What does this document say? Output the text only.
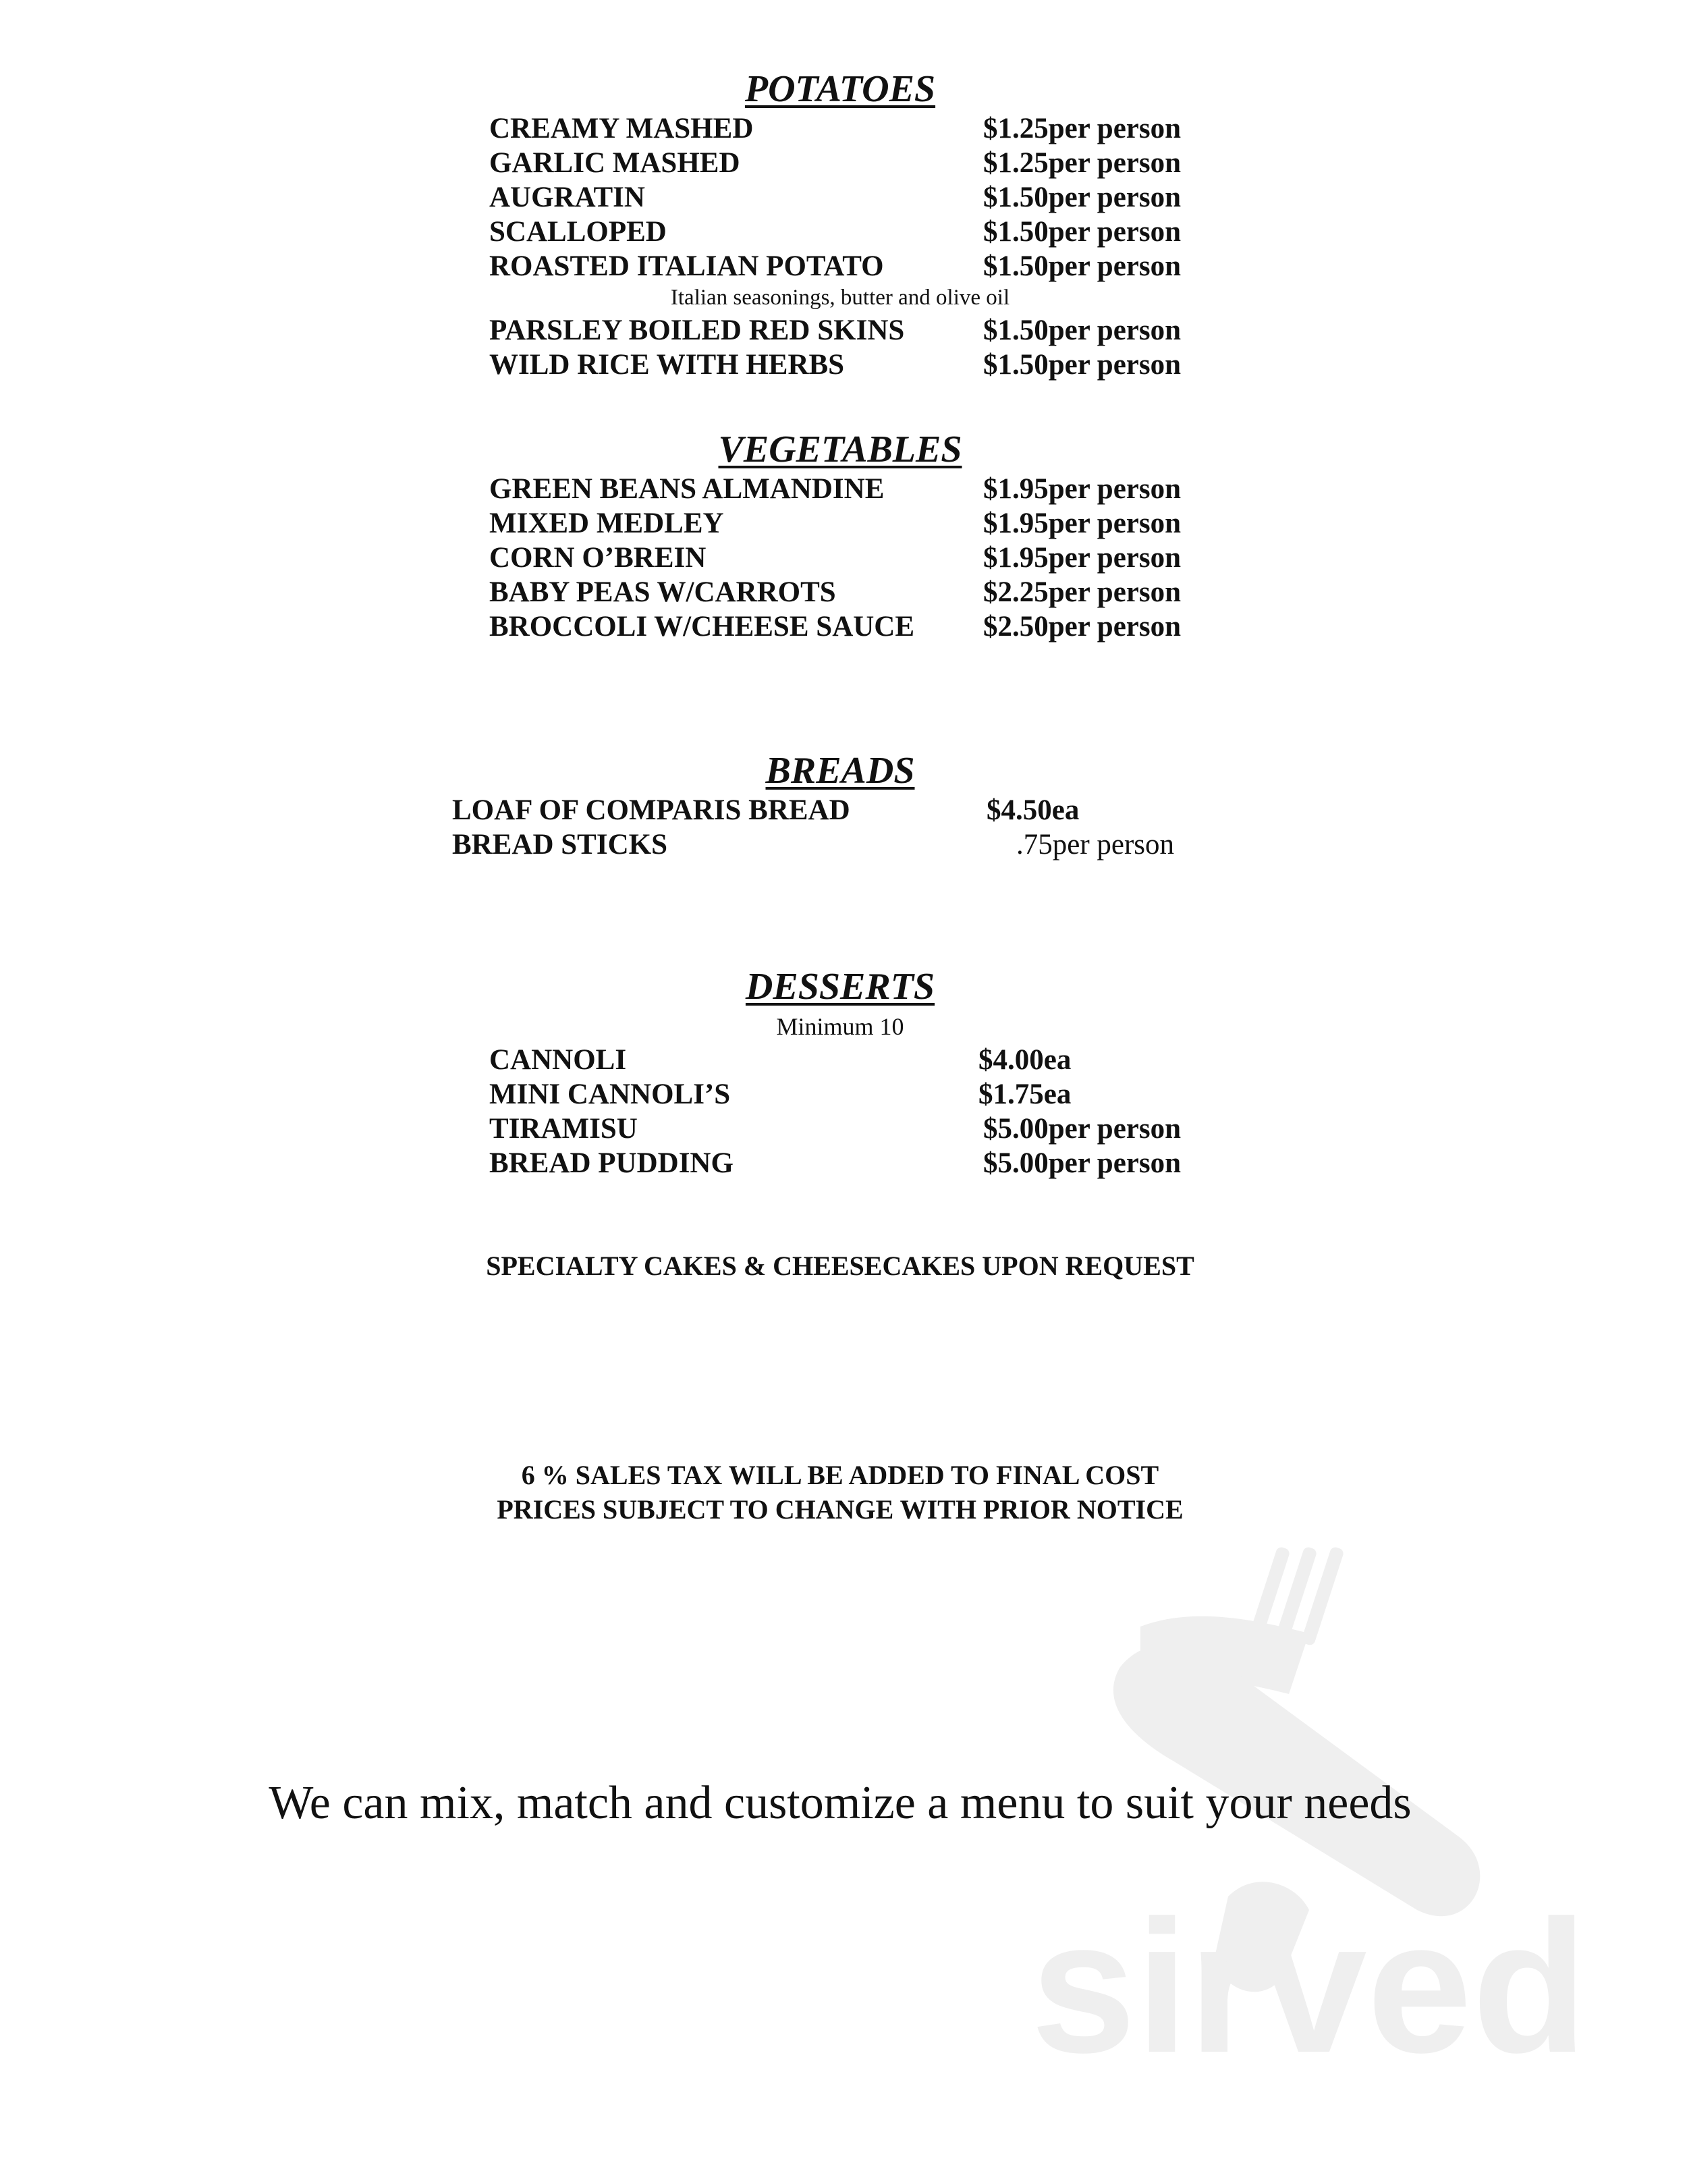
POTATOES
CREAMY MASHED	$1.25per person
GARLIC MASHED	$1.25per person
AUGRATIN	$1.50per person
SCALLOPED	$1.50per person
ROASTED ITALIAN POTATO	$1.50per person
Italian seasonings, butter and olive oil
PARSLEY BOILED RED SKINS	$1.50per person
WILD RICE WITH HERBS	$1.50per person
VEGETABLES
GREEN BEANS ALMANDINE	$1.95per person
MIXED MEDLEY	$1.95per person
CORN O’BREIN	$1.95per person
BABY PEAS W/CARROTS	$2.25per person
BROCCOLI W/CHEESE SAUCE $2.50per person
BREADS
LOAF OF COMPARIS BREAD	$4.50ea
BREAD STICKS	.75per person
DESSERTS
Minimum 10
CANNOLI	$4.00ea
MINI CANNOLI’S	$1.75ea
TIRAMISU	$5.00per person
BREAD PUDDING	$5.00per person
SPECIALTY CAKES & CHEESECAKES UPON REQUEST
6 % SALES TAX WILL BE ADDED TO FINAL COST
PRICES SUBJECT TO CHANGE WITH PRIOR NOTICE
sirved
We can mix, match and customize a menu to suit your needs
